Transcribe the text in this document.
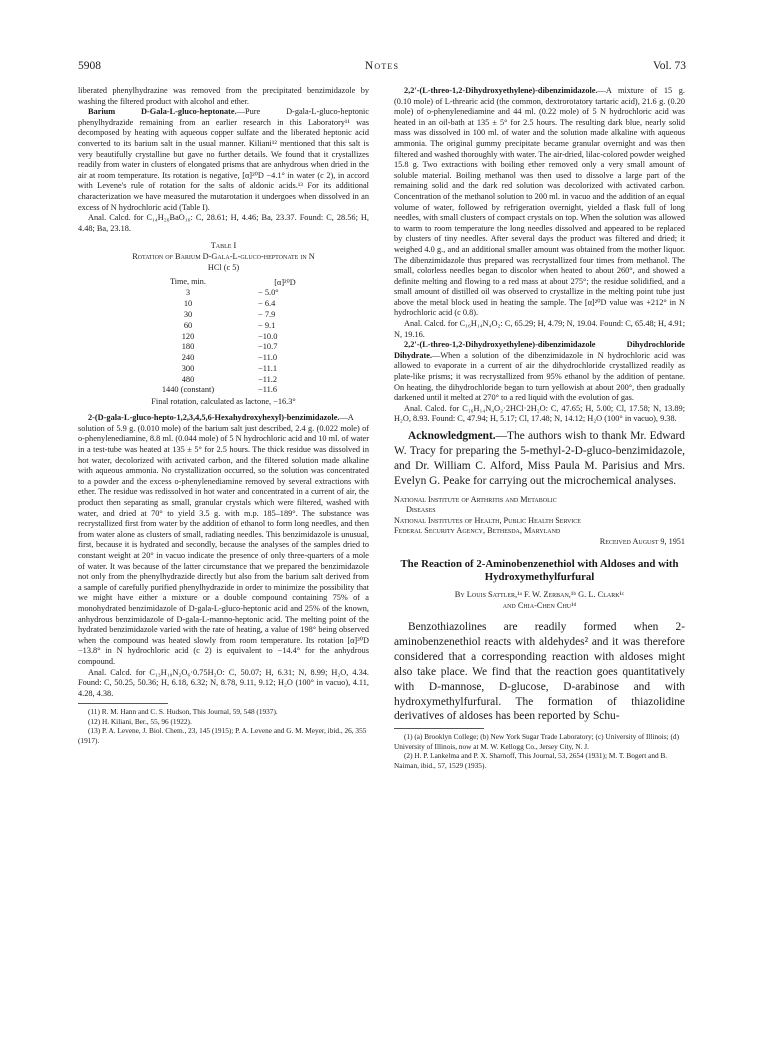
5908	Notes	Vol. 73

liberated phenylhydrazine was removed from the precipitated benzimidazole by washing the filtered product with alcohol and ether.

Barium D-Gala-L-gluco-heptonate.—Pure D-gala-L-gluco-heptonic phenylhydrazide remaining from an earlier research in this Laboratory¹¹ was decomposed by heating with aqueous copper sulfate and the liberated heptonic acid converted to its barium salt in the usual manner. Kiliani¹² mentioned that this salt is very beautifully crystalline but gave no further details. We found that it crystallizes readily from water in clusters of elongated prisms that are anhydrous when dried in the air at room temperature. Its rotation is negative, [α]²⁰D −4.1° in water (c 2), in accord with Levene's rule of rotation for the salts of aldonic acids.¹³ For its additional characterization we have measured the mutarotation it undergoes when dissolved in an excess of N hydrochloric acid (Table I).

Anal. Calcd. for C₁₄H₂₆BaO₁₆: C, 28.61; H, 4.46; Ba, 23.37. Found: C, 28.56; H, 4.48; Ba, 23.18.

Table I
Rotation of Barium D-Gala-L-gluco-heptonate in N
HCl (c 5)
Time, min.	[α]²⁰D
3	− 5.0°
10	− 6.4
30	− 7.9
60	− 9.1
120	−10.0
180	−10.7
240	−11.0
300	−11.1
480	−11.2
1440 (constant)	−11.6
Final rotation, calculated as lactone, −16.3°

2-(D-gala-L-gluco-hepto-1,2,3,4,5,6-Hexahydroxyhexyl)-benzimidazole.—A solution of 5.9 g. (0.010 mole) of the barium salt just described, 2.4 g. (0.022 mole) of o-phenylenediamine, 8.8 ml. (0.044 mole) of 5 N hydrochloric acid and 10 ml. of water in a test-tube was heated at 135 ± 5° for 2.5 hours. The thick residue was dissolved in hot water, decolorized with activated carbon, and the filtered solution made alkaline with aqueous ammonia. No crystallization occurred, so the solution was concentrated to a powder and the excess o-phenylenediamine removed by several extractions with ether. The residue was redissolved in hot water and concentrated in a current of air, the product then separating as small, granular crystals which were filtered, washed with water, and dried at 70° to yield 3.5 g. with m.p. 185–189°. The substance was recrystallized first from water by the addition of ethanol to form long needles, and then from water alone as clusters of small, radiating needles. This benzimidazole is unusual, first, because it is hydrated and secondly, because the analyses of the samples dried to constant weight at 20° in vacuo indicate the presence of only three-quarters of a mole of water. It was because of the latter circumstance that we prepared the benzimidazole not only from the phenylhydrazide directly but also from the barium salt derived from a sample of carefully purified phenylhydrazide in order to minimize the possibility that we might have either a mixture or a double compound containing 75% of a monohydrated benzimidazole of D-gala-L-gluco-heptonic acid and 25% of the known, anhydrous benzimidazole of D-gala-L-manno-heptonic acid. The melting point of the hydrated benzimidazole varied with the rate of heating, a value of 198° being observed when the compound was heated slowly from room temperature. Its rotation [α]²⁰D −13.8° in N hydrochloric acid (c 2) is equivalent to −14.4° for the anhydrous compound.

Anal. Calcd. for C₁₃H₁₈N₂O₆·0.75H₂O: C, 50.07; H, 6.31; N, 8.99; H₂O, 4.34. Found: C, 50.25, 50.36; H, 6.18, 6.32; N, 8.78, 9.11, 9.12; H₂O (100° in vacuo), 4.11, 4.28, 4.38.

(11) R. M. Hann and C. S. Hudson, This Journal, 59, 548 (1937).

(12) H. Kiliani, Ber., 55, 96 (1922).

(13) P. A. Levene, J. Biol. Chem., 23, 145 (1915); P. A. Levene and G. M. Meyer, ibid., 26, 355 (1917).

2,2′-(L-threo-1,2-Dihydroxyethylene)-dibenzimidazole.—A mixture of 15 g. (0.10 mole) of L-threaric acid (the common, dextrorotatory tartaric acid), 21.6 g. (0.20 mole) of o-phenylenediamine and 44 ml. (0.22 mole) of 5 N hydrochloric acid was heated in an oil-bath at 135 ± 5° for 2.5 hours. The resulting dark blue, nearly solid mass was dissolved in 100 ml. of water and the solution made alkaline with aqueous ammonia. The original gummy precipitate became granular overnight and was then filtered and washed thoroughly with water. The air-dried, lilac-colored powder weighed 15.8 g. Two extractions with boiling ether removed only a very small amount of soluble material. Boiling methanol was then used to dissolve a large part of the remaining solid and the dark red solution was decolorized with activated carbon. Concentration of the methanol solution to 200 ml. in vacuo and the addition of an equal volume of water, followed by refrigeration overnight, yielded a flask full of long needles, with small clusters of compact crystals on top. When the solution was allowed to warm to room temperature the long needles dissolved and appeared to be replaced by clusters of tiny needles. After several days the product was filtered and dried; it weighed 4.0 g., and an additional smaller amount was obtained from the mother liquor. The dibenzimidazole thus prepared was recrystallized four times from methanol. The small, colorless needles began to discolor when heated to about 260°, and showed a definite melting and flowing to a red mass at about 275°; the residue solidified, and a small amount of distilled oil was observed to crystallize in the melting point tube just above the metal block used in heating the sample. The [α]²⁰D value was +212° in N hydrochloric acid (c 0.8).

Anal. Calcd. for C₁₆H₁₄N₄O₂: C, 65.29; H, 4.79; N, 19.04. Found: C, 65.48; H, 4.91; N, 19.16.

2,2′-(L-threo-1,2-Dihydroxyethylene)-dibenzimidazole Dihydrochloride Dihydrate.—When a solution of the dibenzimidazole in N hydrochloric acid was allowed to evaporate in a current of air the dihydrochloride crystallized readily as plate-like prisms; it was recrystallized from 95% ethanol by the addition of pentane. On heating, the dihydrochloride began to turn yellowish at about 200°, then gradually darkened until it melted at 270° to a red liquid with the evolution of gas.

Anal. Calcd. for C₁₆H₁₄N₄O₂·2HCl·2H₂O: C, 47.65; H, 5.00; Cl, 17.58; N, 13.89; H₂O, 8.93. Found: C, 47.94; H, 5.17; Cl, 17.48; N, 14.12; H₂O (100° in vacuo), 9.38.

Acknowledgment.—The authors wish to thank Mr. Edward W. Tracy for preparing the 5-methyl-2-D-gluco-benzimidazole, and Dr. William C. Alford, Miss Paula M. Parisius and Mrs. Evelyn G. Peake for carrying out the microchemical analyses.

National Institute of Arthritis and Metabolic
Diseases
National Institutes of Health, Public Health Service
Federal Security Agency, Bethesda, Maryland
Received August 9, 1951
The Reaction of 2-Aminobenzenethiol with Aldoses and with Hydroxymethylfurfural
By Louis Sattler,¹ᵃ F. W. Zerban,¹ᵇ G. L. Clark¹ᶜ
and Chia-Chen Chu¹ᵈ

Benzothiazolines are readily formed when 2-aminobenzenethiol reacts with aldehydes² and it was therefore considered that a corresponding reaction with aldoses might also take place. We find that the reaction goes quantitatively with D-mannose, D-glucose, D-arabinose and with hydroxymethylfurfural. The formation of thiazolidine derivatives of aldoses has been reported by Schu-

(1) (a) Brooklyn College; (b) New York Sugar Trade Laboratory; (c) University of Illinois; (d) University of Illinois, now at M. W. Kellogg Co., Jersey City, N. J.

(2) H. P. Lankelma and P. X. Sharnoff, This Journal, 53, 2654 (1931); M. T. Bogert and B. Naiman, ibid., 57, 1529 (1935).
